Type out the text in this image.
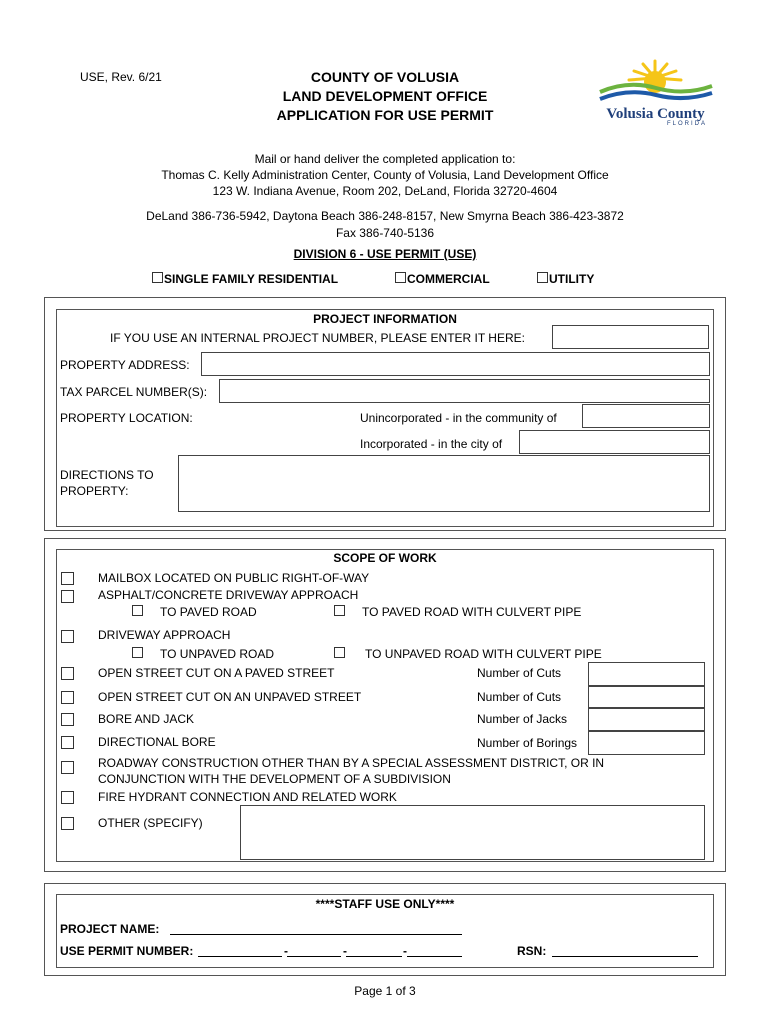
USE, Rev. 6/21	COUNTY OF VOLUSIA
LAND DEVELOPMENT OFFICE
APPLICATION FOR USE PERMIT	Volusia County
FLORIDA
Mail or hand deliver the completed application to:
Thomas C. Kelly Administration Center, County of Volusia, Land Development Office
123 W. Indiana Avenue, Room 202, DeLand, Florida 32720-4604
DeLand 386-736-5942, Daytona Beach 386-248-8157, New Smyrna Beach 386-423-3872
Fax 386-740-5136
DIVISION 6 - USE PERMIT (USE)
SINGLE FAMILY RESIDENTIAL	COMMERCIAL	UTILITY
PROJECT INFORMATION
IF YOU USE AN INTERNAL PROJECT NUMBER, PLEASE ENTER IT HERE:
PROPERTY ADDRESS:
TAX PARCEL NUMBER(S):
PROPERTY LOCATION:	Unincorporated - in the community of
Incorporated - in the city of
DIRECTIONS TO
PROPERTY:
SCOPE OF WORK
MAILBOX LOCATED ON PUBLIC RIGHT-OF-WAY
ASPHALT/CONCRETE DRIVEWAY APPROACH
TO PAVED ROAD	TO PAVED ROAD WITH CULVERT PIPE
DRIVEWAY APPROACH
TO UNPAVED ROAD	TO UNPAVED ROAD WITH CULVERT PIPE
OPEN STREET CUT ON A PAVED STREET	Number of Cuts
OPEN STREET CUT ON AN UNPAVED STREET	Number of Cuts
BORE AND JACK	Number of Jacks
DIRECTIONAL BORE	Number of Borings
ROADWAY CONSTRUCTION OTHER THAN BY A SPECIAL ASSESSMENT DISTRICT, OR IN
CONJUNCTION WITH THE DEVELOPMENT OF A SUBDIVISION
FIRE HYDRANT CONNECTION AND RELATED WORK
OTHER (SPECIFY)
****STAFF USE ONLY****
PROJECT NAME:
USE PERMIT NUMBER:	-	-	-	RSN:
Page 1 of 3
